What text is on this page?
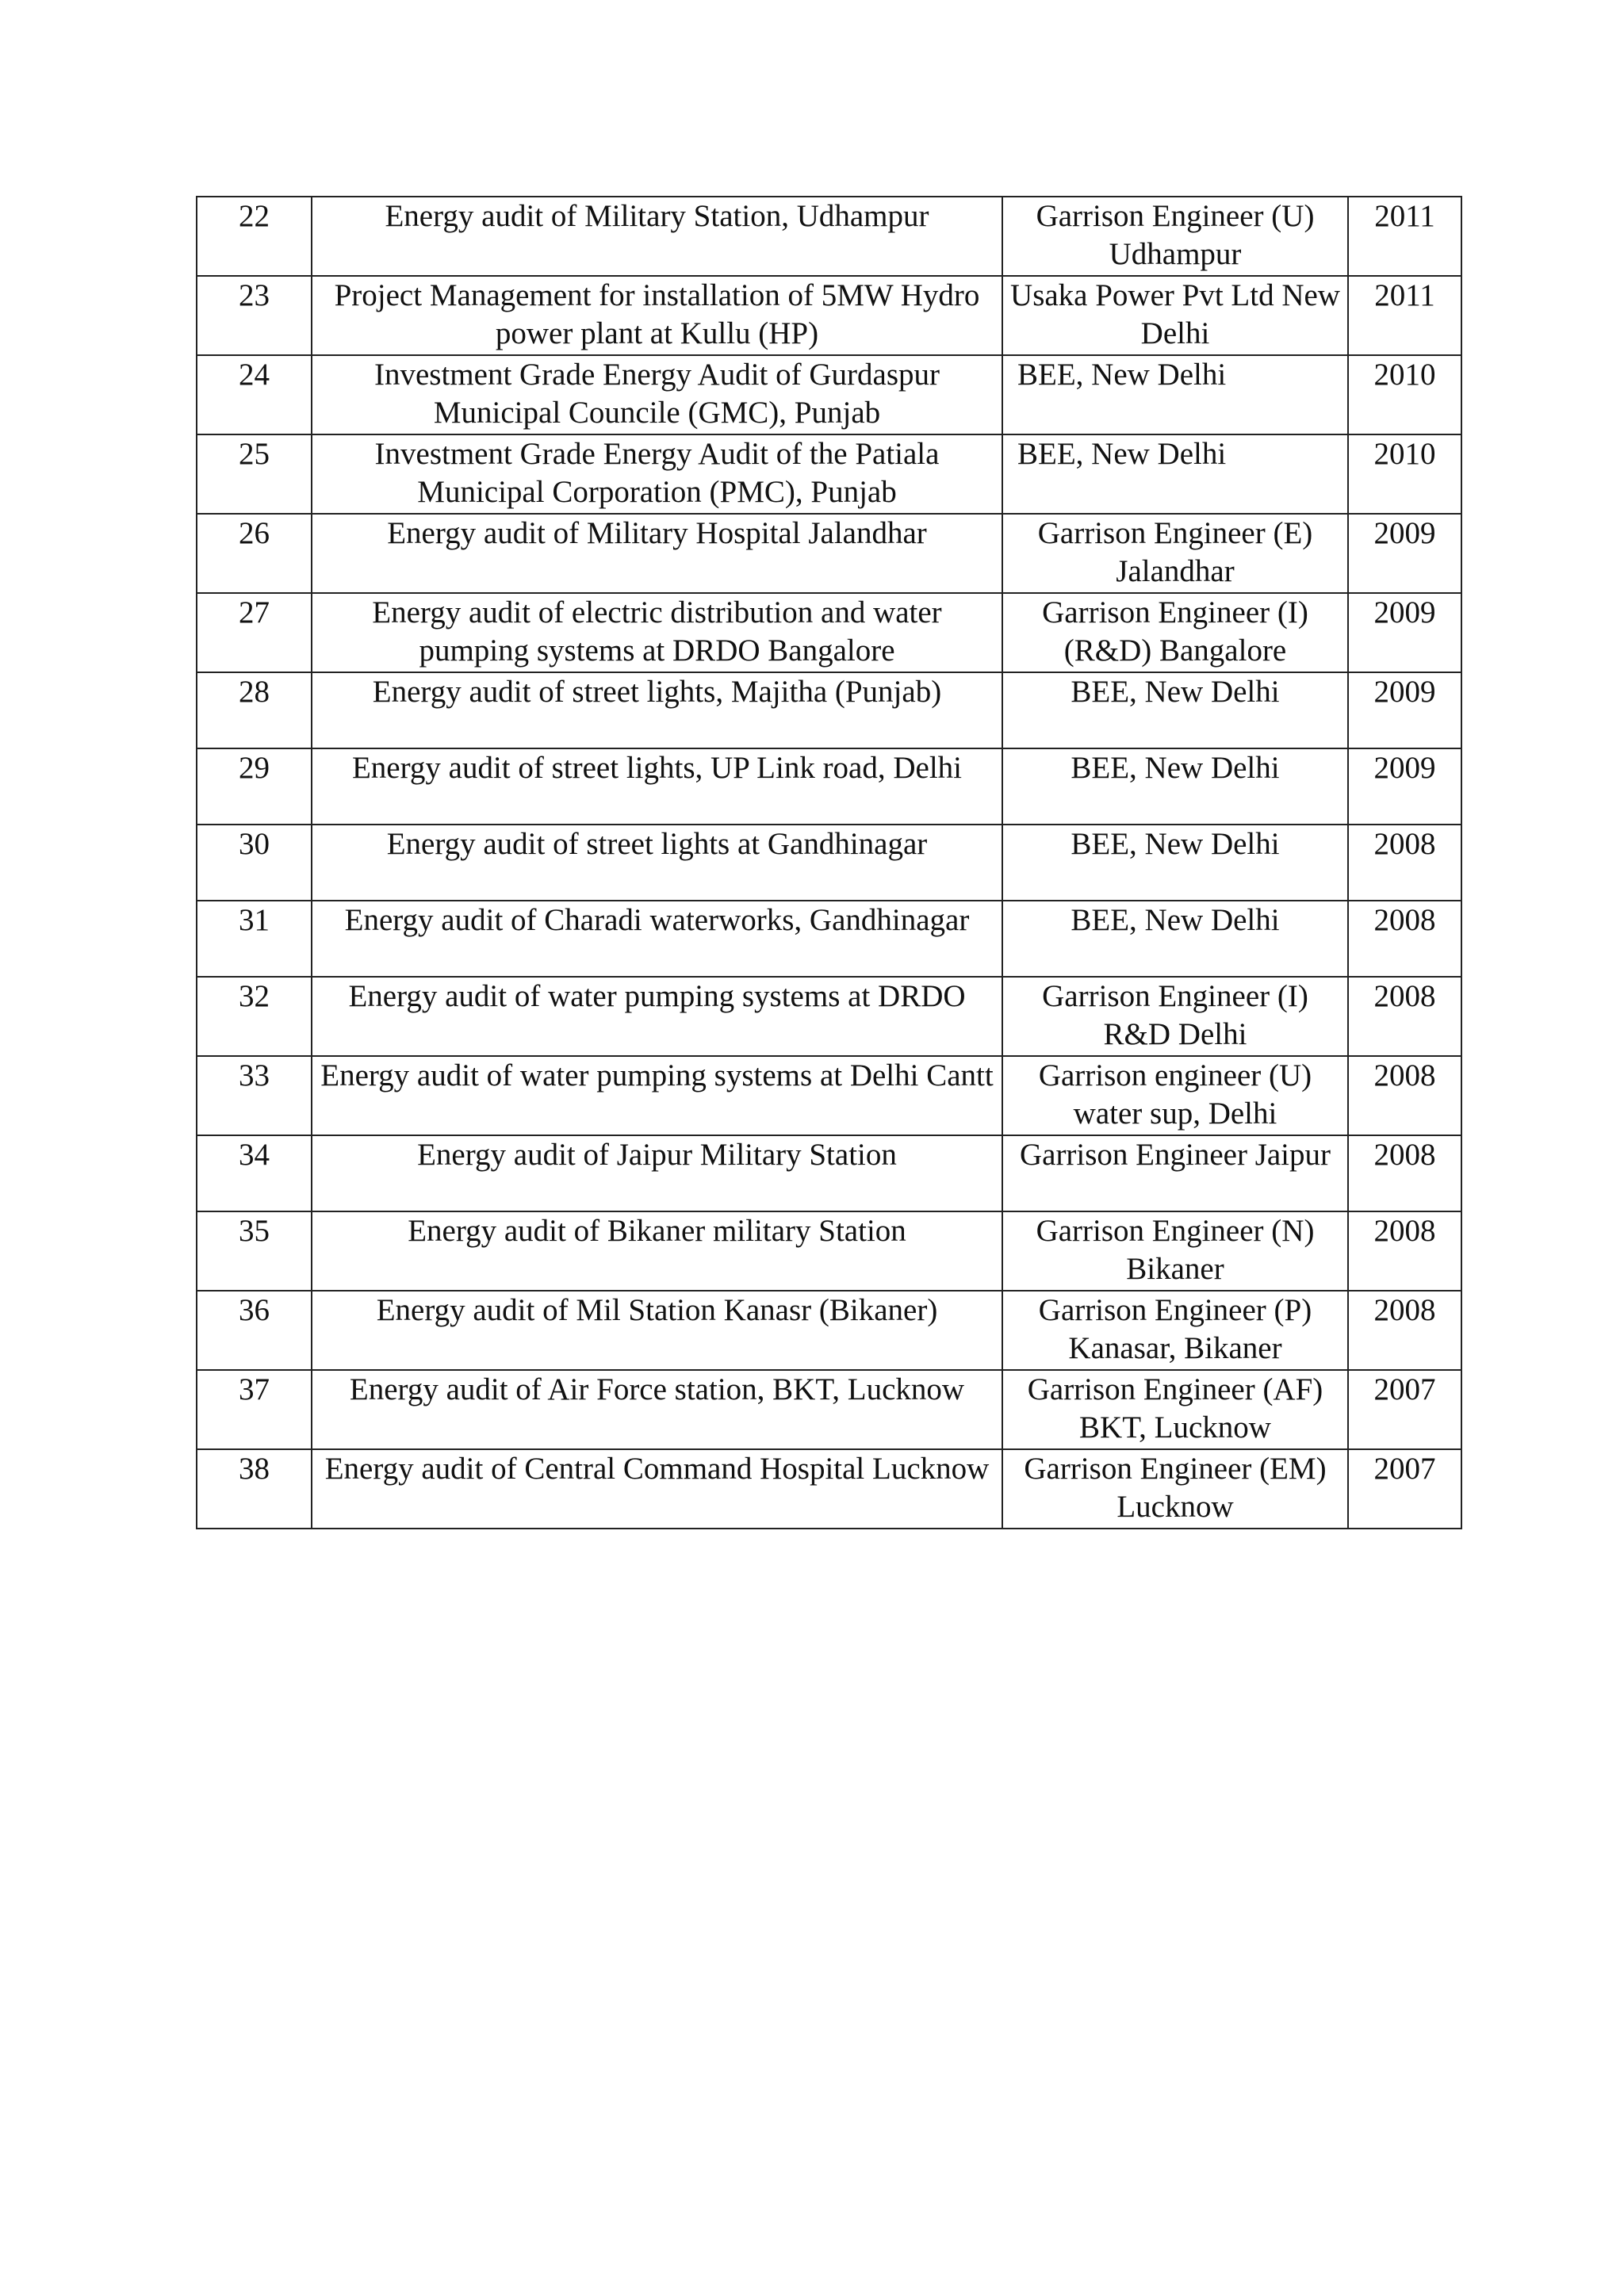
22	Energy audit of Military Station, Udhampur	Garrison Engineer (U) Udhampur	2011
23	Project Management for installation of 5MW Hydro power plant at Kullu (HP)	Usaka Power Pvt Ltd New Delhi	2011
24	Investment Grade Energy Audit of Gurdaspur Municipal Councile (GMC), Punjab	BEE, New Delhi	2010
25	Investment Grade Energy Audit of the Patiala Municipal Corporation (PMC), Punjab	BEE, New Delhi	2010
26	Energy audit of Military Hospital Jalandhar	Garrison Engineer (E) Jalandhar	2009
27	Energy audit of electric distribution and water pumping systems at DRDO Bangalore	Garrison Engineer (I) (R&D) Bangalore	2009
28	Energy audit of street lights, Majitha (Punjab)	BEE, New Delhi	2009
29	Energy audit of street lights, UP Link road, Delhi	BEE, New Delhi	2009
30	Energy audit of street lights at Gandhinagar	BEE, New Delhi	2008
31	Energy audit of Charadi waterworks, Gandhinagar	BEE, New Delhi	2008
32	Energy audit of water pumping systems at DRDO	Garrison Engineer (I) R&D Delhi	2008
33	Energy audit of water pumping systems at Delhi Cantt	Garrison engineer (U) water sup, Delhi	2008
34	Energy audit of Jaipur Military Station	Garrison Engineer Jaipur	2008
35	Energy audit of Bikaner military Station	Garrison Engineer (N) Bikaner	2008
36	Energy audit of Mil Station Kanasr (Bikaner)	Garrison Engineer (P) Kanasar, Bikaner	2008
37	Energy audit of Air Force station, BKT, Lucknow	Garrison Engineer (AF) BKT, Lucknow	2007
38	Energy audit of Central Command Hospital Lucknow	Garrison Engineer (EM) Lucknow	2007
